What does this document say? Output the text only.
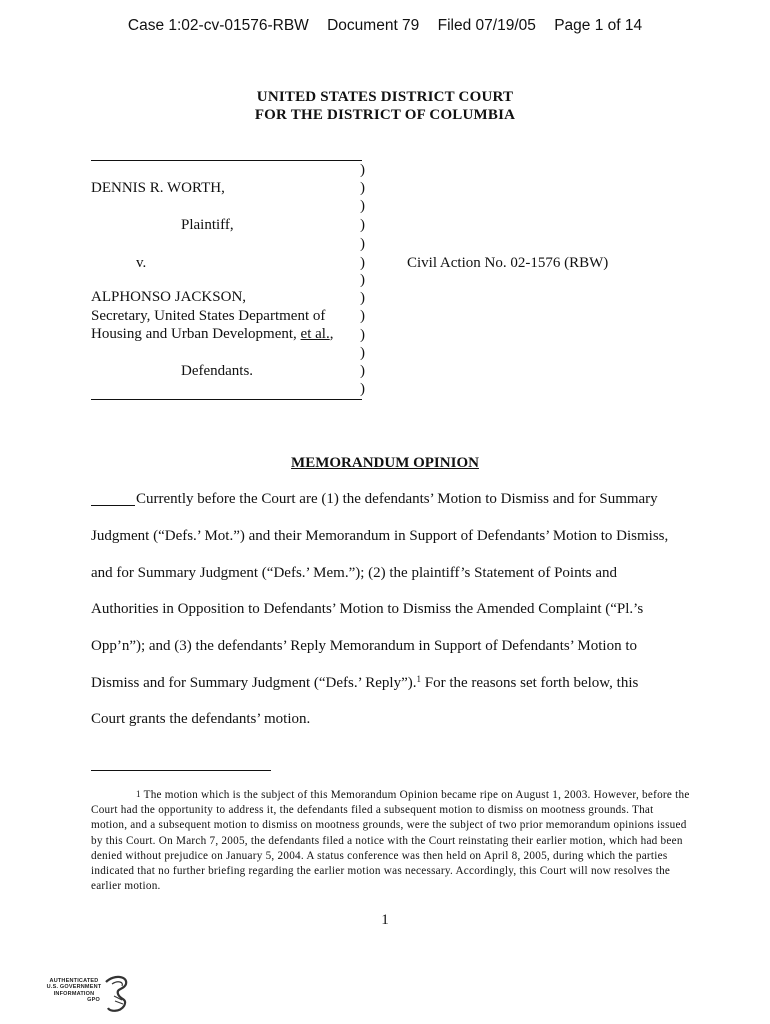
Case 1:02-cv-01576-RBW Document 79 Filed 07/19/05 Page 1 of 14
UNITED STATES DISTRICT COURT
FOR THE DISTRICT OF COLUMBIA
DENNIS R. WORTH,
Plaintiff,
v.
ALPHONSO JACKSON,
Secretary, United States Department of
Housing and Urban Development, et al.,
Defendants.
Civil Action No. 02-1576 (RBW)
)
)
)
)
)
)
)
)
)
)
)
)
)
MEMORANDUM OPINION
Currently before the Court are (1) the defendants’ Motion to Dismiss and for Summary
Judgment (“Defs.’ Mot.”) and their Memorandum in Support of Defendants’ Motion to Dismiss,
and for Summary Judgment (“Defs.’ Mem.”); (2) the plaintiff’s Statement of Points and
Authorities in Opposition to Defendants’ Motion to Dismiss the Amended Complaint (“Pl.’s
Opp’n”); and (3) the defendants’ Reply Memorandum in Support of Defendants’ Motion to
Dismiss and for Summary Judgment (“Defs.’ Reply”).$^1$ For the reasons set forth below, this
Court grants the defendants’ motion.
$^1$ The motion which is the subject of this Memorandum Opinion became ripe on August 1, 2003. However, before the Court had the opportunity to address it, the defendants filed a subsequent motion to dismiss on mootness grounds. That motion, and a subsequent motion to dismiss on mootness grounds, were the subject of two prior memorandum opinions issued by this Court. On March 7, 2005, the defendants filed a notice with the Court reinstating their earlier motion, which had been denied without prejudice on January 5, 2004. A status conference was then held on April 8, 2005, during which the parties indicated that no further briefing regarding the earlier motion was necessary. Accordingly, this Court will now resolves the earlier motion.
1
AUTHENTICATED
U.S. GOVERNMENT
INFORMATION
GPO
